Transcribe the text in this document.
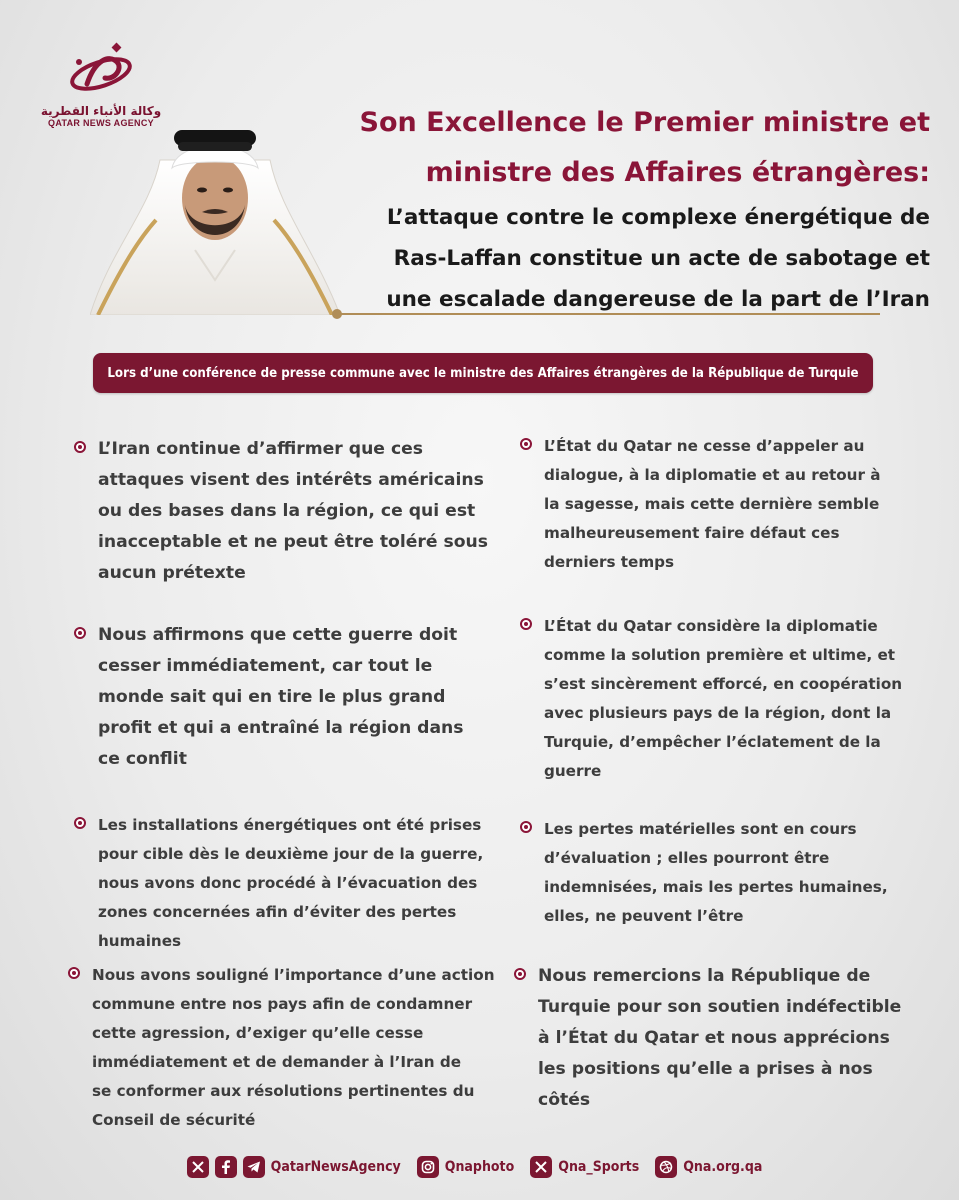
وكالة الأنباء القطرية
QATAR NEWS AGENCY	Son Excellence le Premier ministre et
ministre des Affaires étrangères:
L’attaque contre le complexe énergétique de
Ras-Laffan constitue un acte de sabotage et
une escalade dangereuse de la part de l’Iran
Lors d’une conférence de presse commune avec le ministre des Affaires étrangères de la République de Turquie
L’Iran continue d’affirmer que ces
attaques visent des intérêts américains
ou des bases dans la région, ce qui est
inacceptable et ne peut être toléré sous
aucun prétexte
Nous affirmons que cette guerre doit
cesser immédiatement, car tout le
monde sait qui en tire le plus grand
profit et qui a entraîné la région dans
ce conflit
Les installations énergétiques ont été prises
pour cible dès le deuxième jour de la guerre,
nous avons donc procédé à l’évacuation des
zones concernées afin d’éviter des pertes
humaines
Nous avons souligné l’importance d’une action
commune entre nos pays afin de condamner
cette agression, d’exiger qu’elle cesse
immédiatement et de demander à l’Iran de
se conformer aux résolutions pertinentes du
Conseil de sécurité
L’État du Qatar ne cesse d’appeler au
dialogue, à la diplomatie et au retour à
la sagesse, mais cette dernière semble
malheureusement faire défaut ces
derniers temps
L’État du Qatar considère la diplomatie
comme la solution première et ultime, et
s’est sincèrement efforcé, en coopération
avec plusieurs pays de la région, dont la
Turquie, d’empêcher l’éclatement de la
guerre
Les pertes matérielles sont en cours
d’évaluation ; elles pourront être
indemnisées, mais les pertes humaines,
elles, ne peuvent l’être
Nous remercions la République de
Turquie pour son soutien indéfectible
à l’État du Qatar et nous apprécions
les positions qu’elle a prises à nos
côtés
QatarNewsAgency	Qnaphoto	Qna_Sports	Qna.org.qa
